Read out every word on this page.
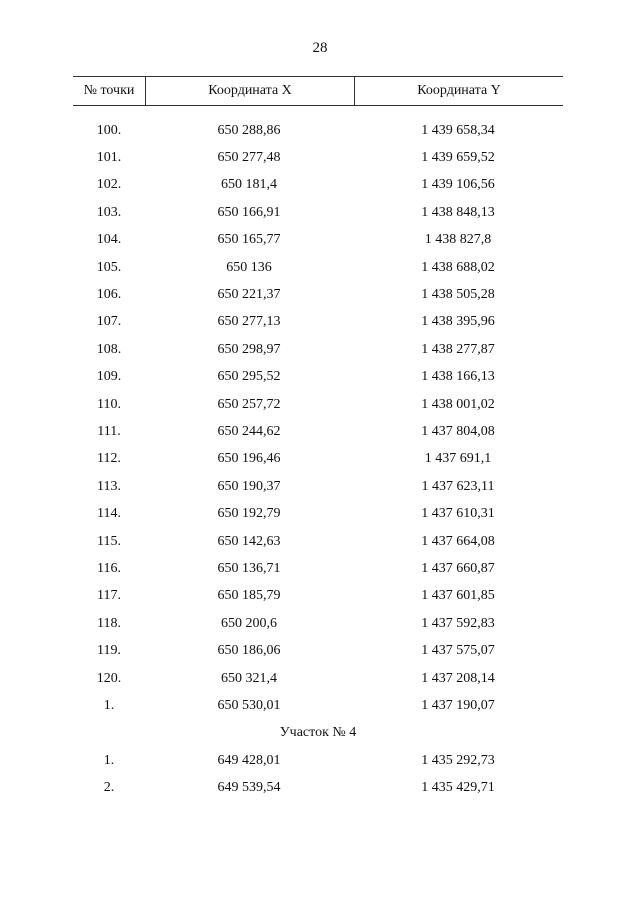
28
№ точки	Координата X	Координата Y
100.	650 288,86	1 439 658,34
101.	650 277,48	1 439 659,52
102.	650 181,4	1 439 106,56
103.	650 166,91	1 438 848,13
104.	650 165,77	1 438 827,8
105.	650 136	1 438 688,02
106.	650 221,37	1 438 505,28
107.	650 277,13	1 438 395,96
108.	650 298,97	1 438 277,87
109.	650 295,52	1 438 166,13
110.	650 257,72	1 438 001,02
111.	650 244,62	1 437 804,08
112.	650 196,46	1 437 691,1
113.	650 190,37	1 437 623,11
114.	650 192,79	1 437 610,31
115.	650 142,63	1 437 664,08
116.	650 136,71	1 437 660,87
117.	650 185,79	1 437 601,85
118.	650 200,6	1 437 592,83
119.	650 186,06	1 437 575,07
120.	650 321,4	1 437 208,14
1.	650 530,01	1 437 190,07
Участок № 4
1.	649 428,01	1 435 292,73
2.	649 539,54	1 435 429,71
